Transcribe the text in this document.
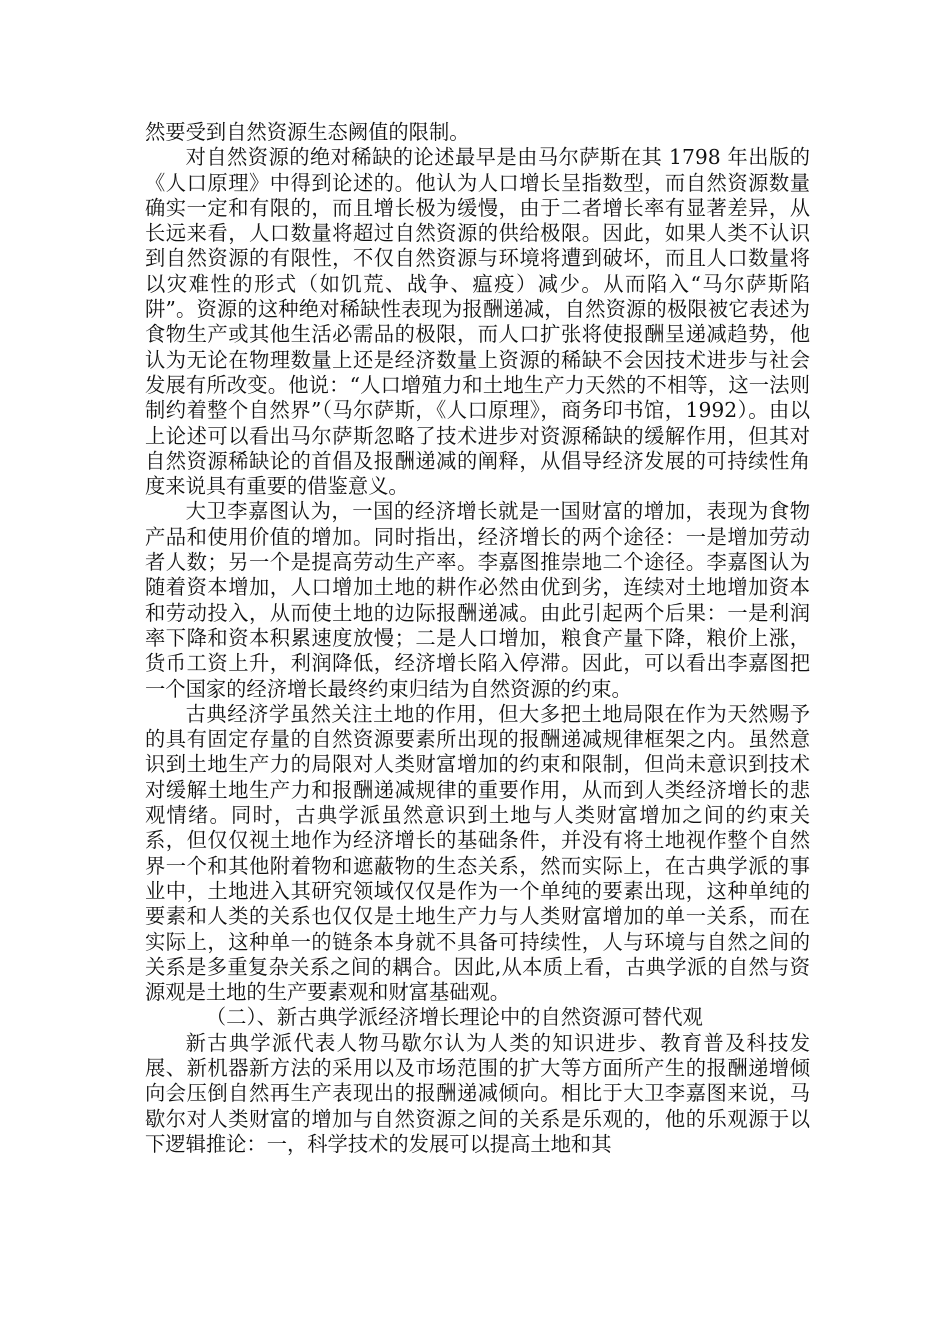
然要受到自然资源生态阙值的限制。

对自然资源的绝对稀缺的论述最早是由马尔萨斯在其 1798 年出版的《人口原理》中得到论述的。他认为人口增长呈指数型，而自然资源数量确实一定和有限的，而且增长极为缓慢，由于二者增长率有显著差异，从长远来看，人口数量将超过自然资源的供给极限。因此，如果人类不认识到自然资源的有限性，不仅自然资源与环境将遭到破坏，而且人口数量将以灾难性的形式（如饥荒、战争、瘟疫）减少。从而陷入“马尔萨斯陷阱”。资源的这种绝对稀缺性表现为报酬递减，自然资源的极限被它表述为食物生产或其他生活必需品的极限，而人口扩张将使报酬呈递减趋势，他认为无论在物理数量上还是经济数量上资源的稀缺不会因技术进步与社会发展有所改变。他说：“人口增殖力和土地生产力天然的不相等，这一法则制约着整个自然界”（马尔萨斯，《人口原理》，商务印书馆，1992）。由以上论述可以看出马尔萨斯忽略了技术进步对资源稀缺的缓解作用，但其对自然资源稀缺论的首倡及报酬递减的阐释，从倡导经济发展的可持续性角度来说具有重要的借鉴意义。

大卫李嘉图认为，一国的经济增长就是一国财富的增加，表现为食物产品和使用价值的增加。同时指出，经济增长的两个途径：一是增加劳动者人数；另一个是提高劳动生产率。李嘉图推崇地二个途径。李嘉图认为随着资本增加，人口增加土地的耕作必然由优到劣，连续对土地增加资本和劳动投入，从而使土地的边际报酬递减。由此引起两个后果：一是利润率下降和资本积累速度放慢；二是人口增加，粮食产量下降，粮价上涨，货币工资上升，利润降低，经济增长陷入停滞。因此，可以看出李嘉图把一个国家的经济增长最终约束归结为自然资源的约束。

古典经济学虽然关注土地的作用，但大多把土地局限在作为天然赐予的具有固定存量的自然资源要素所出现的报酬递减规律框架之内。虽然意识到土地生产力的局限对人类财富增加的约束和限制，但尚未意识到技术对缓解土地生产力和报酬递减规律的重要作用，从而到人类经济增长的悲观情绪。同时，古典学派虽然意识到土地与人类财富增加之间的约束关系，但仅仅视土地作为经济增长的基础条件，并没有将土地视作整个自然界一个和其他附着物和遮蔽物的生态关系，然而实际上，在古典学派的事业中，土地进入其研究领域仅仅是作为一个单纯的要素出现，这种单纯的要素和人类的关系也仅仅是土地生产力与人类财富增加的单一关系，而在实际上，这种单一的链条本身就不具备可持续性，人与环境与自然之间的关系是多重复杂关系之间的耦合。因此,从本质上看，古典学派的自然与资源观是土地的生产要素观和财富基础观。

（二）、新古典学派经济增长理论中的自然资源可替代观

新古典学派代表人物马歇尔认为人类的知识进步、教育普及科技发展、新机器新方法的采用以及市场范围的扩大等方面所产生的报酬递增倾向会压倒自然再生产表现出的报酬递减倾向。相比于大卫李嘉图来说，马歇尔对人类财富的增加与自然资源之间的关系是乐观的，他的乐观源于以下逻辑推论：一，科学技术的发展可以提高土地和其
